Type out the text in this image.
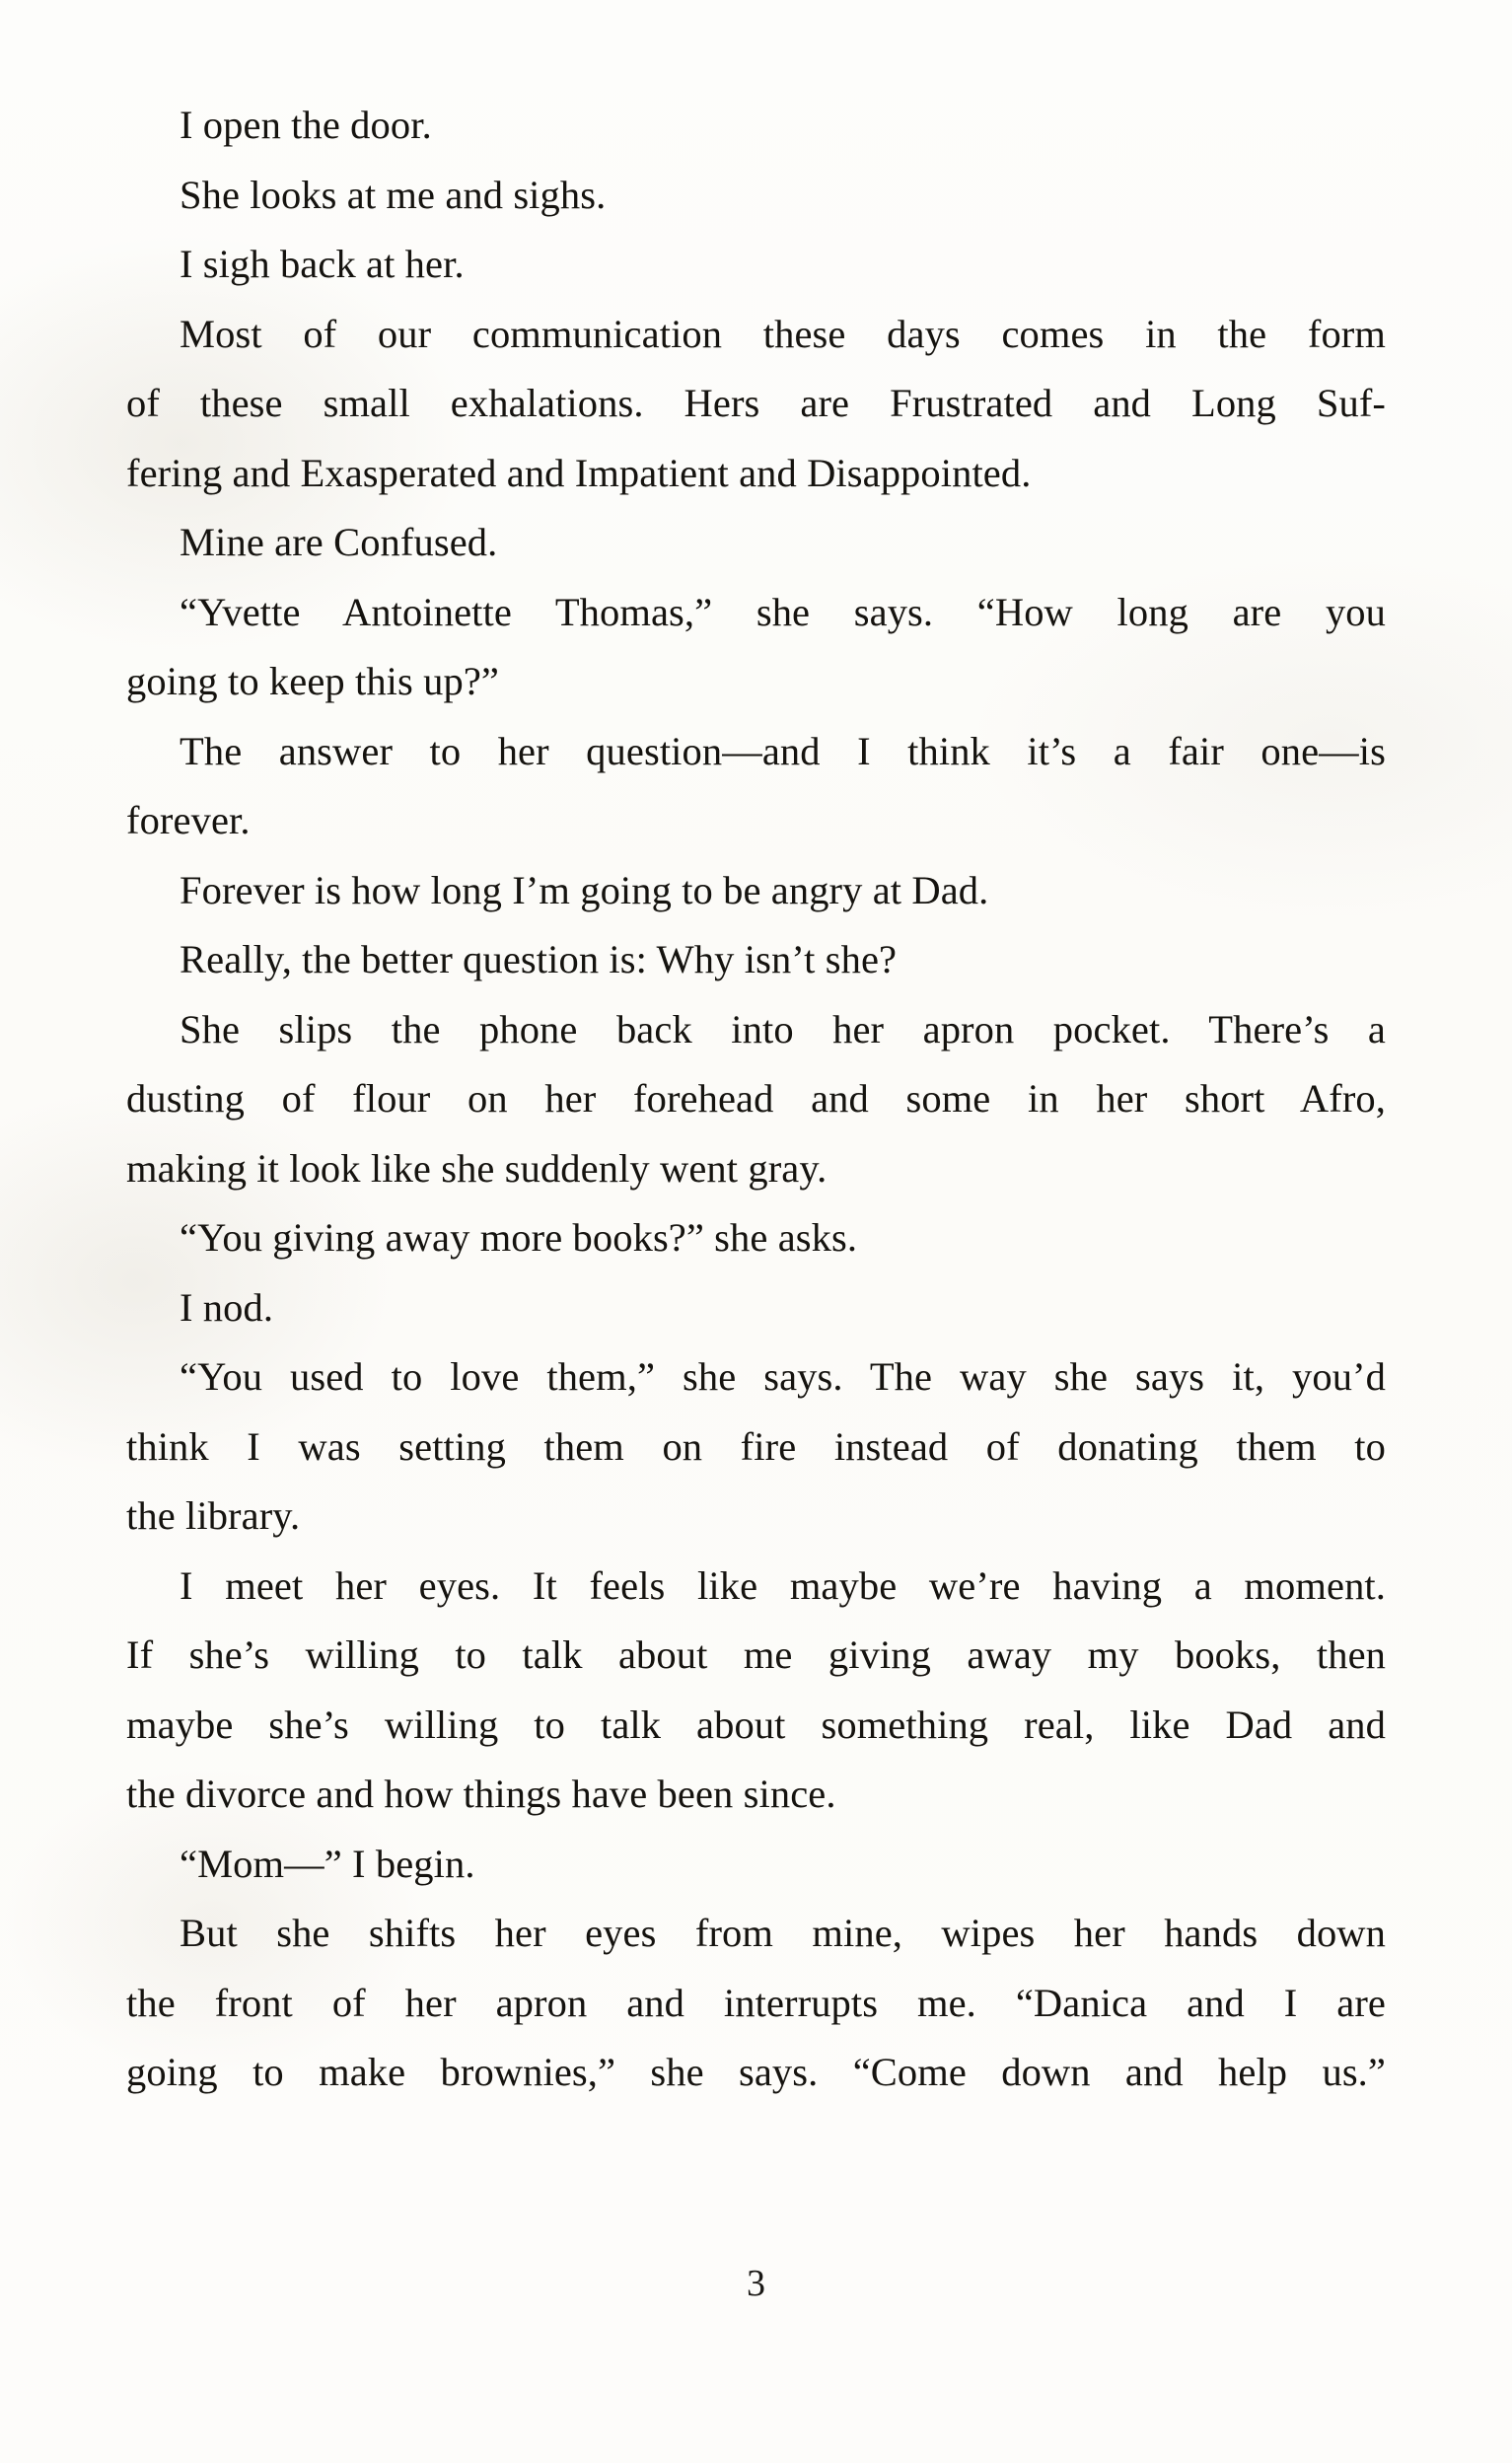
I open the door.
She looks at me and sighs.
I sigh back at her.
Most of our communication these days comes in the form
of these small exhalations. Hers are Frustrated and Long Suf-
fering and Exasperated and Impatient and Disappointed.
Mine are Confused.
“Yvette Antoinette Thomas,” she says. “How long are you
going to keep this up?”
The answer to her question—and I think it’s a fair one—is
forever.
Forever is how long I’m going to be angry at Dad.
Really, the better question is: Why isn’t she?
She slips the phone back into her apron pocket. There’s a
dusting of flour on her forehead and some in her short Afro,
making it look like she suddenly went gray.
“You giving away more books?” she asks.
I nod.
“You used to love them,” she says. The way she says it, you’d
think I was setting them on fire instead of donating them to
the library.
I meet her eyes. It feels like maybe we’re having a moment.
If she’s willing to talk about me giving away my books, then
maybe she’s willing to talk about something real, like Dad and
the divorce and how things have been since.
“Mom—” I begin.
But she shifts her eyes from mine, wipes her hands down
the front of her apron and interrupts me. “Danica and I are
going to make brownies,” she says. “Come down and help us.”
3
